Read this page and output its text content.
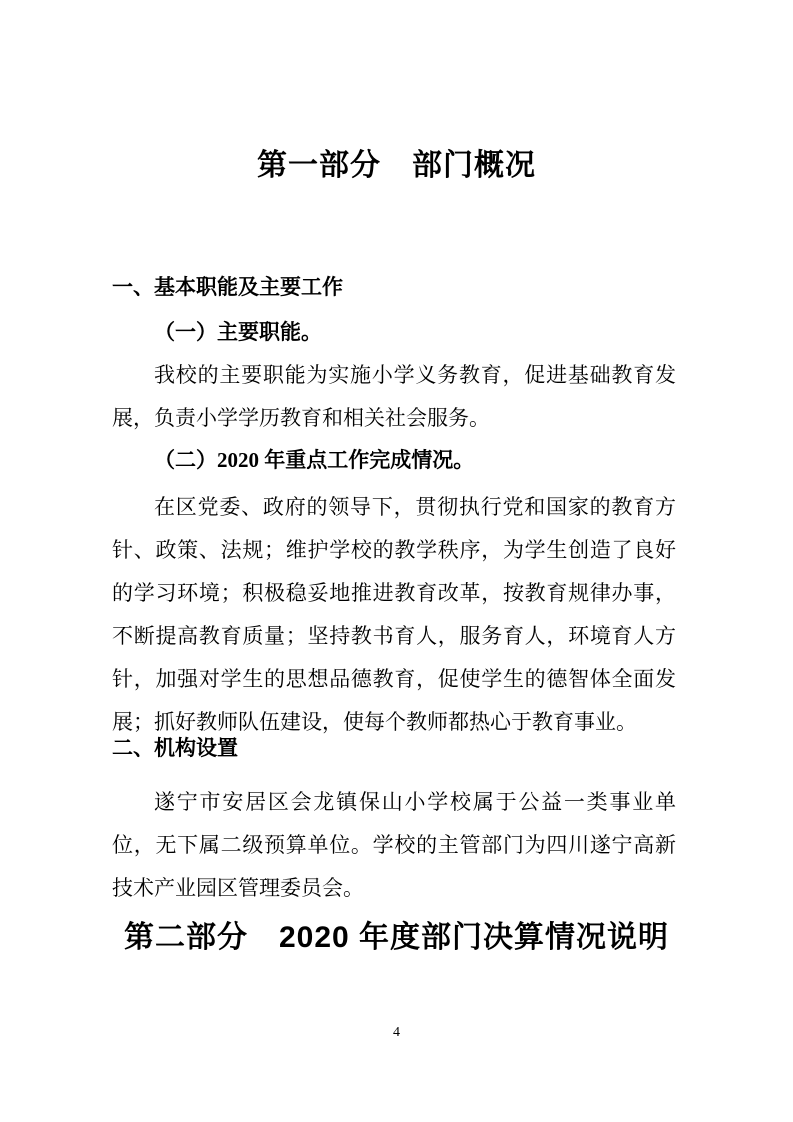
第一部分　部门概况
一、基本职能及主要工作
（一）主要职能。
我校的主要职能为实施小学义务教育，促进基础教育发展，负责小学学历教育和相关社会服务。
（二）2020 年重点工作完成情况。
在区党委、政府的领导下，贯彻执行党和国家的教育方针、政策、法规；维护学校的教学秩序，为学生创造了良好的学习环境；积极稳妥地推进教育改革，按教育规律办事，不断提高教育质量；坚持教书育人，服务育人，环境育人方针，加强对学生的思想品德教育，促使学生的德智体全面发展；抓好教师队伍建设，使每个教师都热心于教育事业。
二、机构设置
遂宁市安居区会龙镇保山小学校属于公益一类事业单位，无下属二级预算单位。学校的主管部门为四川遂宁高新技术产业园区管理委员会。
第二部分　2020 年度部门决算情况说明
4
